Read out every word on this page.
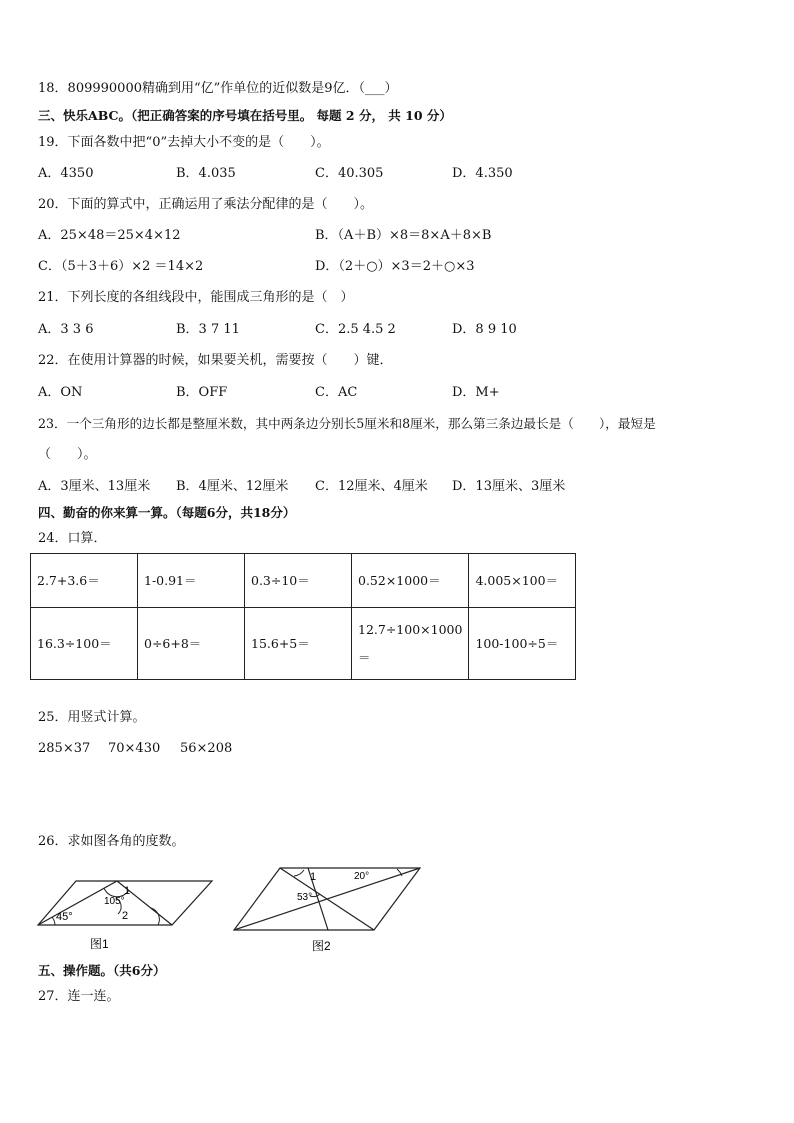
18．809990000精确到用“亿”作单位的近似数是9亿．（___）
三、快乐ABC。（把正确答案的序号填在括号里。 每题 2 分， 共 10 分）
19．下面各数中把“0”去掉大小不变的是（　　）。
A．4350	B．4.035	C．40.305	D．4.350
20．下面的算式中，正确运用了乘法分配律的是（　　）。
A．25×48＝25×4×12	B．（A＋B）×8＝8×A＋8×B
C．（5＋3＋6）×2 ＝14×2	D．（2＋○）×3＝2＋○×3
21．下列长度的各组线段中，能围成三角形的是（　）
A．3 3 6	B．3 7 11	C．2.5 4.5 2	D．8 9 10
22．在使用计算器的时候，如果要关机，需要按（　　）键．
A．ON	B．OFF	C．AC	D．M+
23．一个三角形的边长都是整厘米数，其中两条边分别长5厘米和8厘米，那么第三条边最长是（　　），最短是
（　　）。
A．3厘米、13厘米 B．4厘米、12厘米 C．12厘米、4厘米 D．13厘米、3厘米
四、勤奋的你来算一算。（每题6分，共18分）
24．口算．
2.7+3.6＝	1-0.91＝	0.3÷10＝	0.52×1000＝	4.005×100＝
16.3÷100＝	0÷6+8＝	15.6+5＝	12.7÷100×1000＝	100-100÷5＝
25．用竖式计算。
285×37 70×430 56×208
26．求如图各角的度数。
105°
1
45°	2
图1
1
53°
20°
图2
五、操作题。（共6分）
27．连一连。
